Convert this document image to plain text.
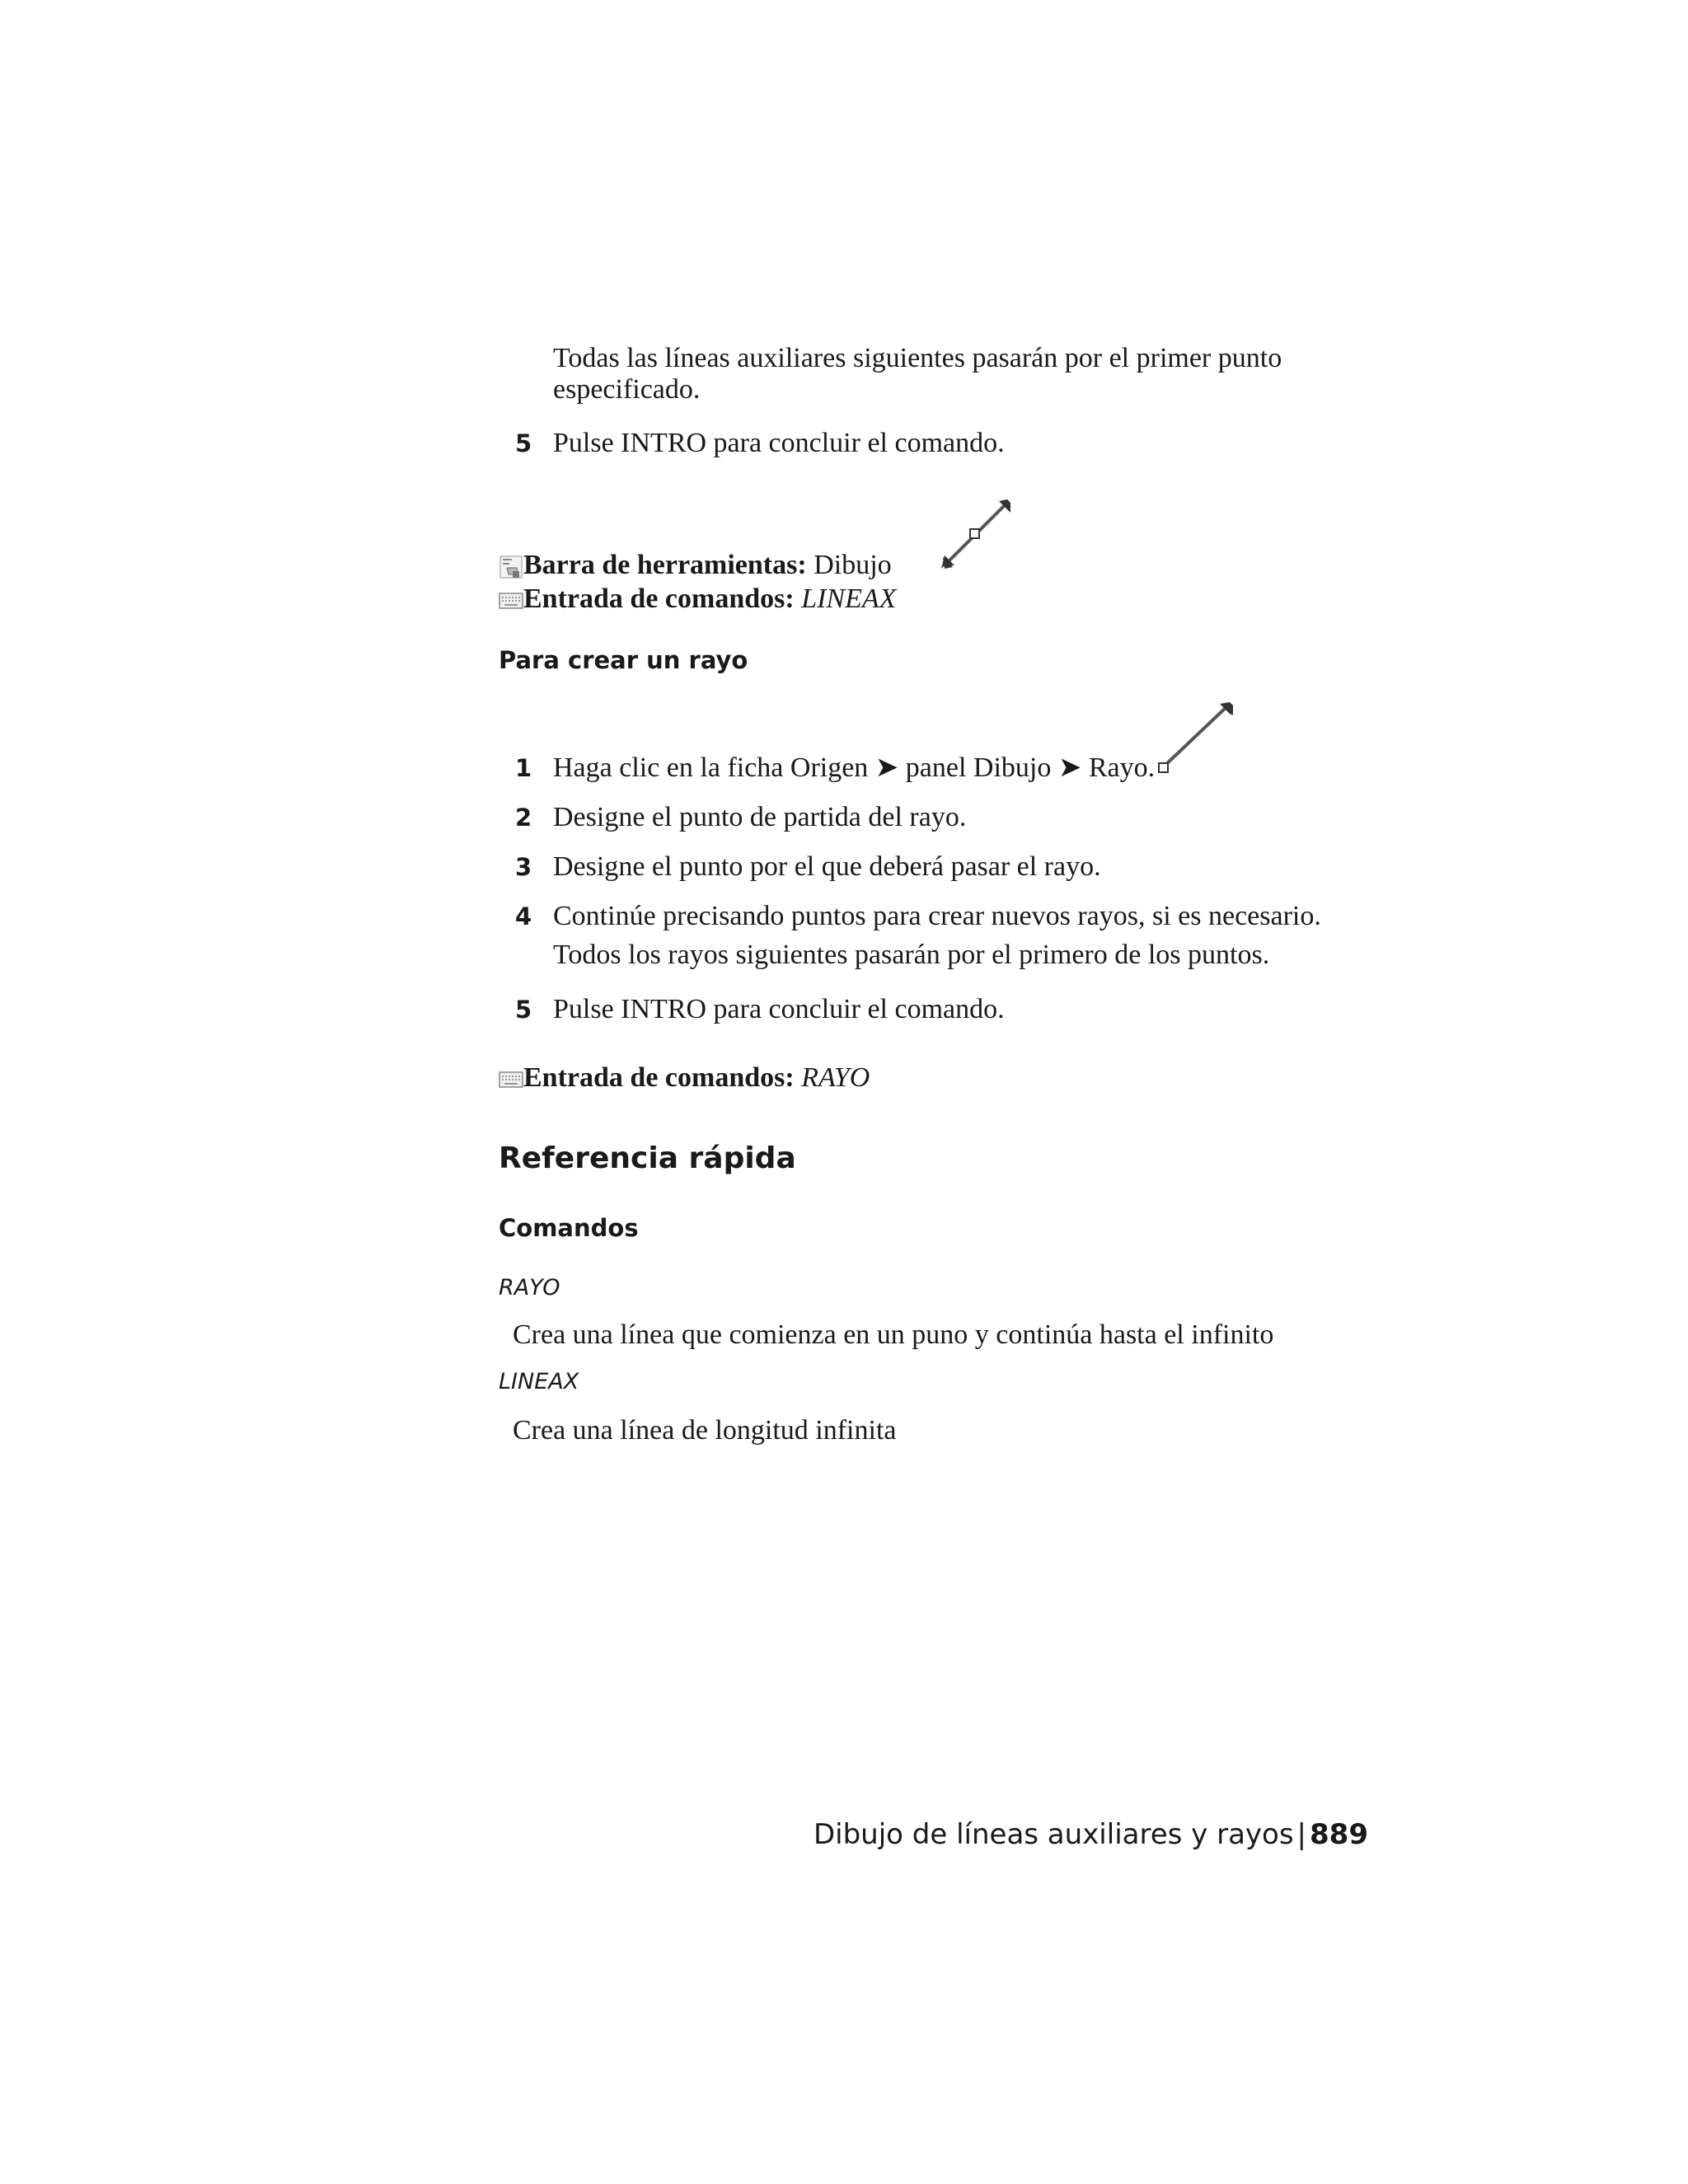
Todas las líneas auxiliares siguientes pasarán por el primer punto
especificado.
5 Pulse INTRO para concluir el comando.
Barra de herramientas: Dibujo
Entrada de comandos: LINEAX
Para crear un rayo
1 Haga clic en la ficha Origen ➤ panel Dibujo ➤ Rayo.
2 Designe el punto de partida del rayo.
3 Designe el punto por el que deberá pasar el rayo.
4 Continúe precisando puntos para crear nuevos rayos, si es necesario.
Todos los rayos siguientes pasarán por el primero de los puntos.
5 Pulse INTRO para concluir el comando.
Entrada de comandos: RAYO
Referencia rápida
Comandos
RAYO
Crea una línea que comienza en un puno y continúa hasta el infinito
LINEAX
Crea una línea de longitud infinita
Dibujo de líneas auxiliares y rayos | 889
